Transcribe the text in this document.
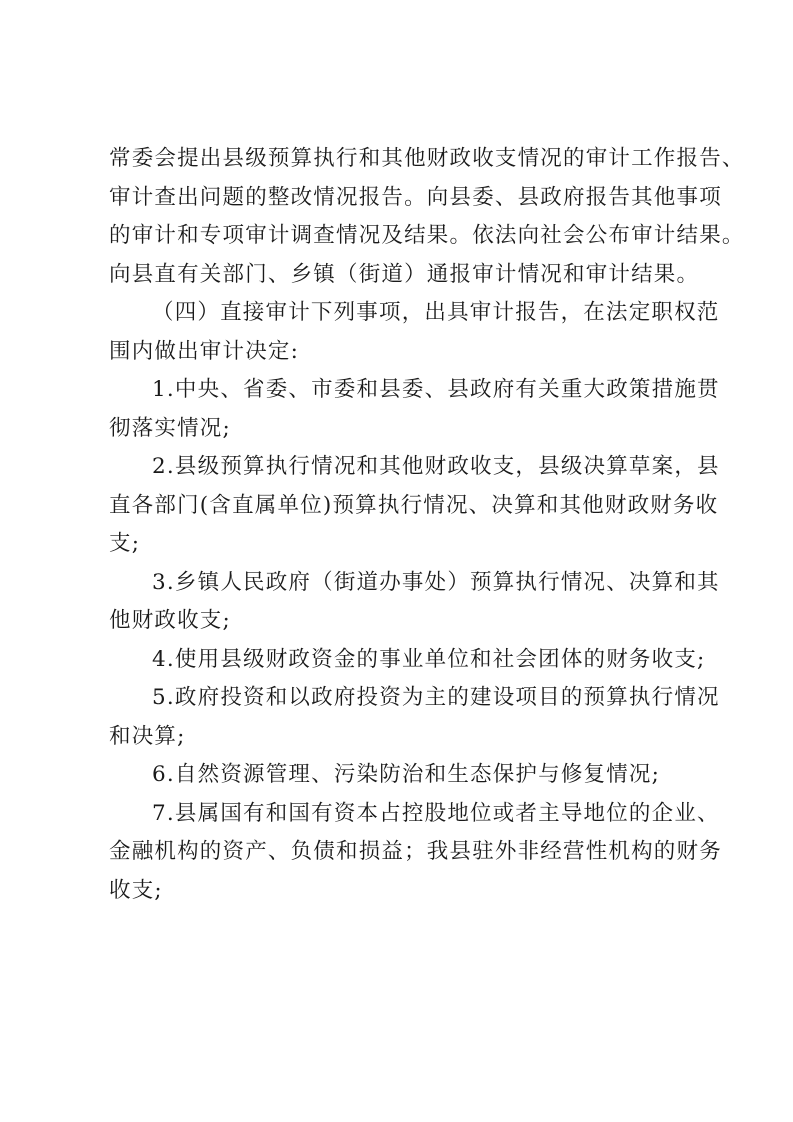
常委会提出县级预算执行和其他财政收支情况的审计工作报告、
审计查出问题的整改情况报告。向县委、县政府报告其他事项
的审计和专项审计调查情况及结果。依法向社会公布审计结果。
向县直有关部门、乡镇（街道）通报审计情况和审计结果。
（四）直接审计下列事项，出具审计报告，在法定职权范
围内做出审计决定:
1.中央、省委、市委和县委、县政府有关重大政策措施贯
彻落实情况;
2.县级预算执行情况和其他财政收支，县级决算草案，县
直各部门(含直属单位)预算执行情况、决算和其他财政财务收
支;
3.乡镇人民政府（街道办事处）预算执行情况、决算和其
他财政收支;
4.使用县级财政资金的事业单位和社会团体的财务收支;
5.政府投资和以政府投资为主的建设项目的预算执行情况
和决算;
6.自然资源管理、污染防治和生态保护与修复情况;
7.县属国有和国有资本占控股地位或者主导地位的企业、
金融机构的资产、负债和损益；我县驻外非经营性机构的财务
收支;
